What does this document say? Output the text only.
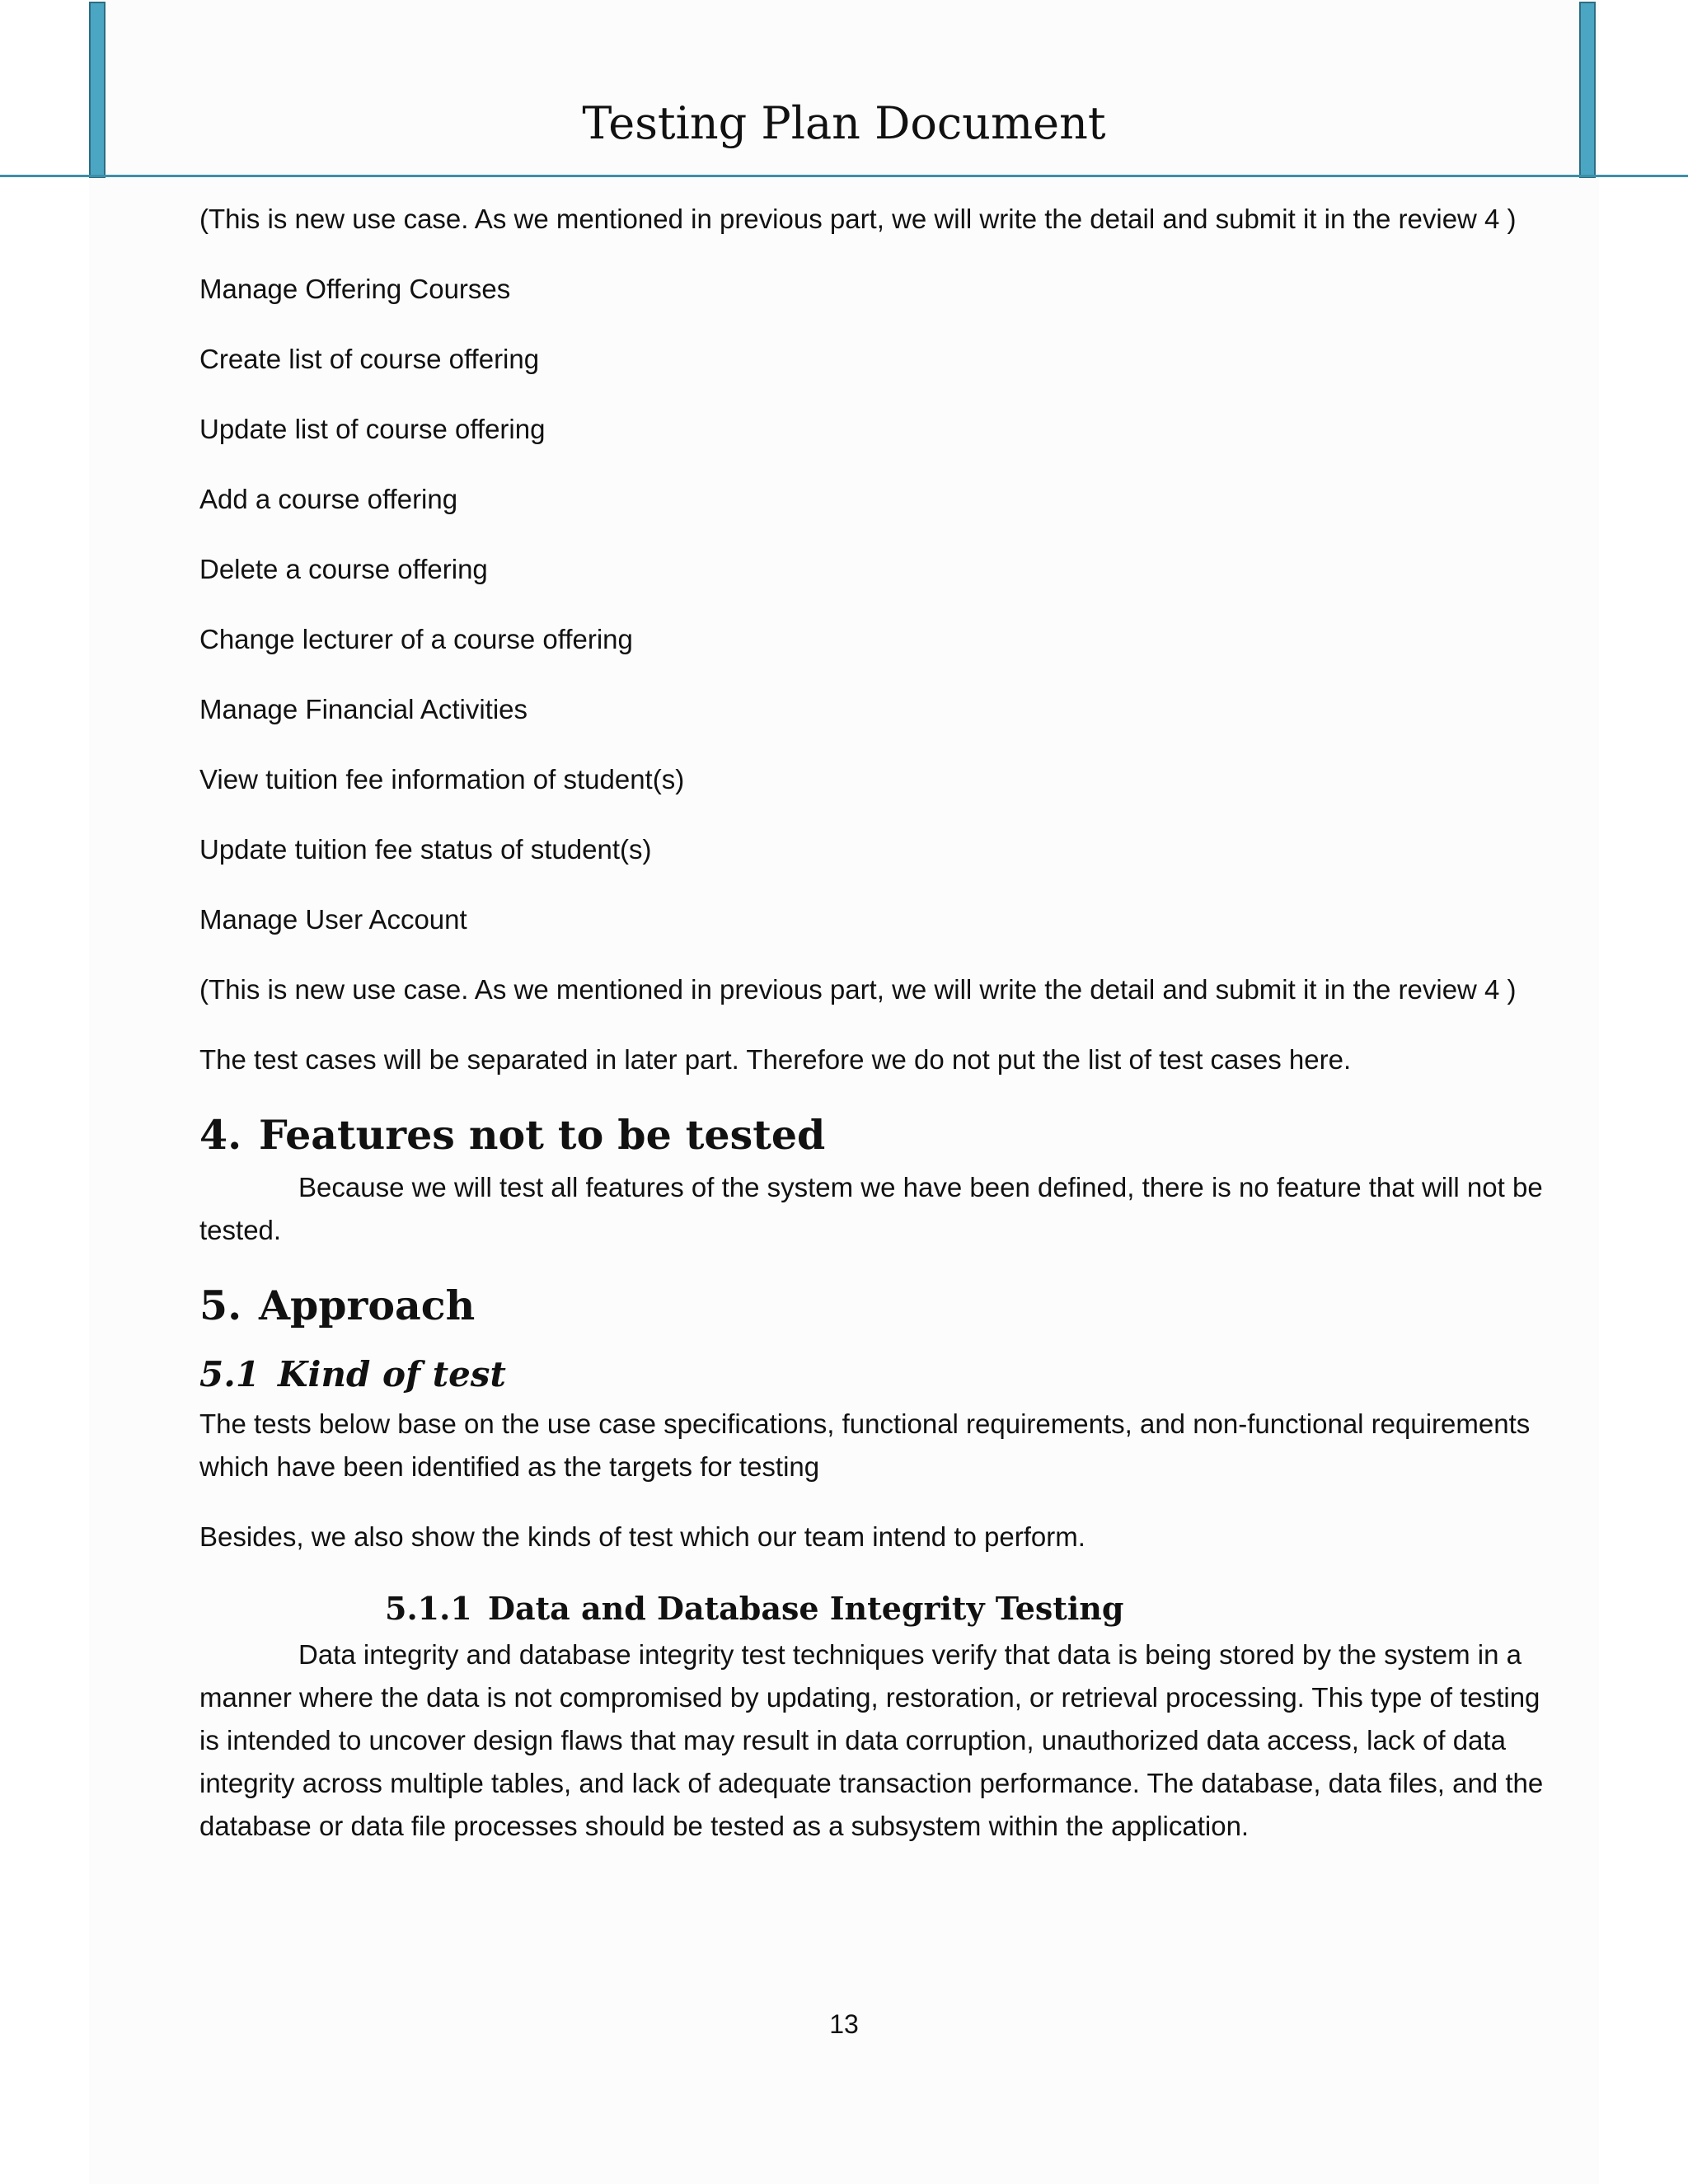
Testing Plan Document

(This is new use case. As we mentioned in previous part, we will write the detail and submit it in the review 4 )

Manage Offering Courses

Create list of course offering

Update list of course offering

Add a course offering

Delete a course offering

Change lecturer of a course offering

Manage Financial Activities

View tuition fee information of student(s)

Update tuition fee status of student(s)

Manage User Account

(This is new use case. As we mentioned in previous part, we will write the detail and submit it in the review 4 )

The test cases will be separated in later part. Therefore we do not put the list of test cases here.

4. Features not to be tested

Because we will test all features of the system we have been defined, there is no feature that will not be tested.

5. Approach
5.1 Kind of test

The tests below base on the use case specifications, functional requirements, and non-functional requirements which have been identified as the targets for testing

Besides, we also show the kinds of test which our team intend to perform.

5.1.1 Data and Database Integrity Testing

Data integrity and database integrity test techniques verify that data is being stored by the system in a manner where the data is not compromised by updating, restoration, or retrieval processing. This type of testing is intended to uncover design flaws that may result in data corruption, unauthorized data access, lack of data integrity across multiple tables, and lack of adequate transaction performance. The database, data files, and the database or data file processes should be tested as a subsystem within the application.

13
